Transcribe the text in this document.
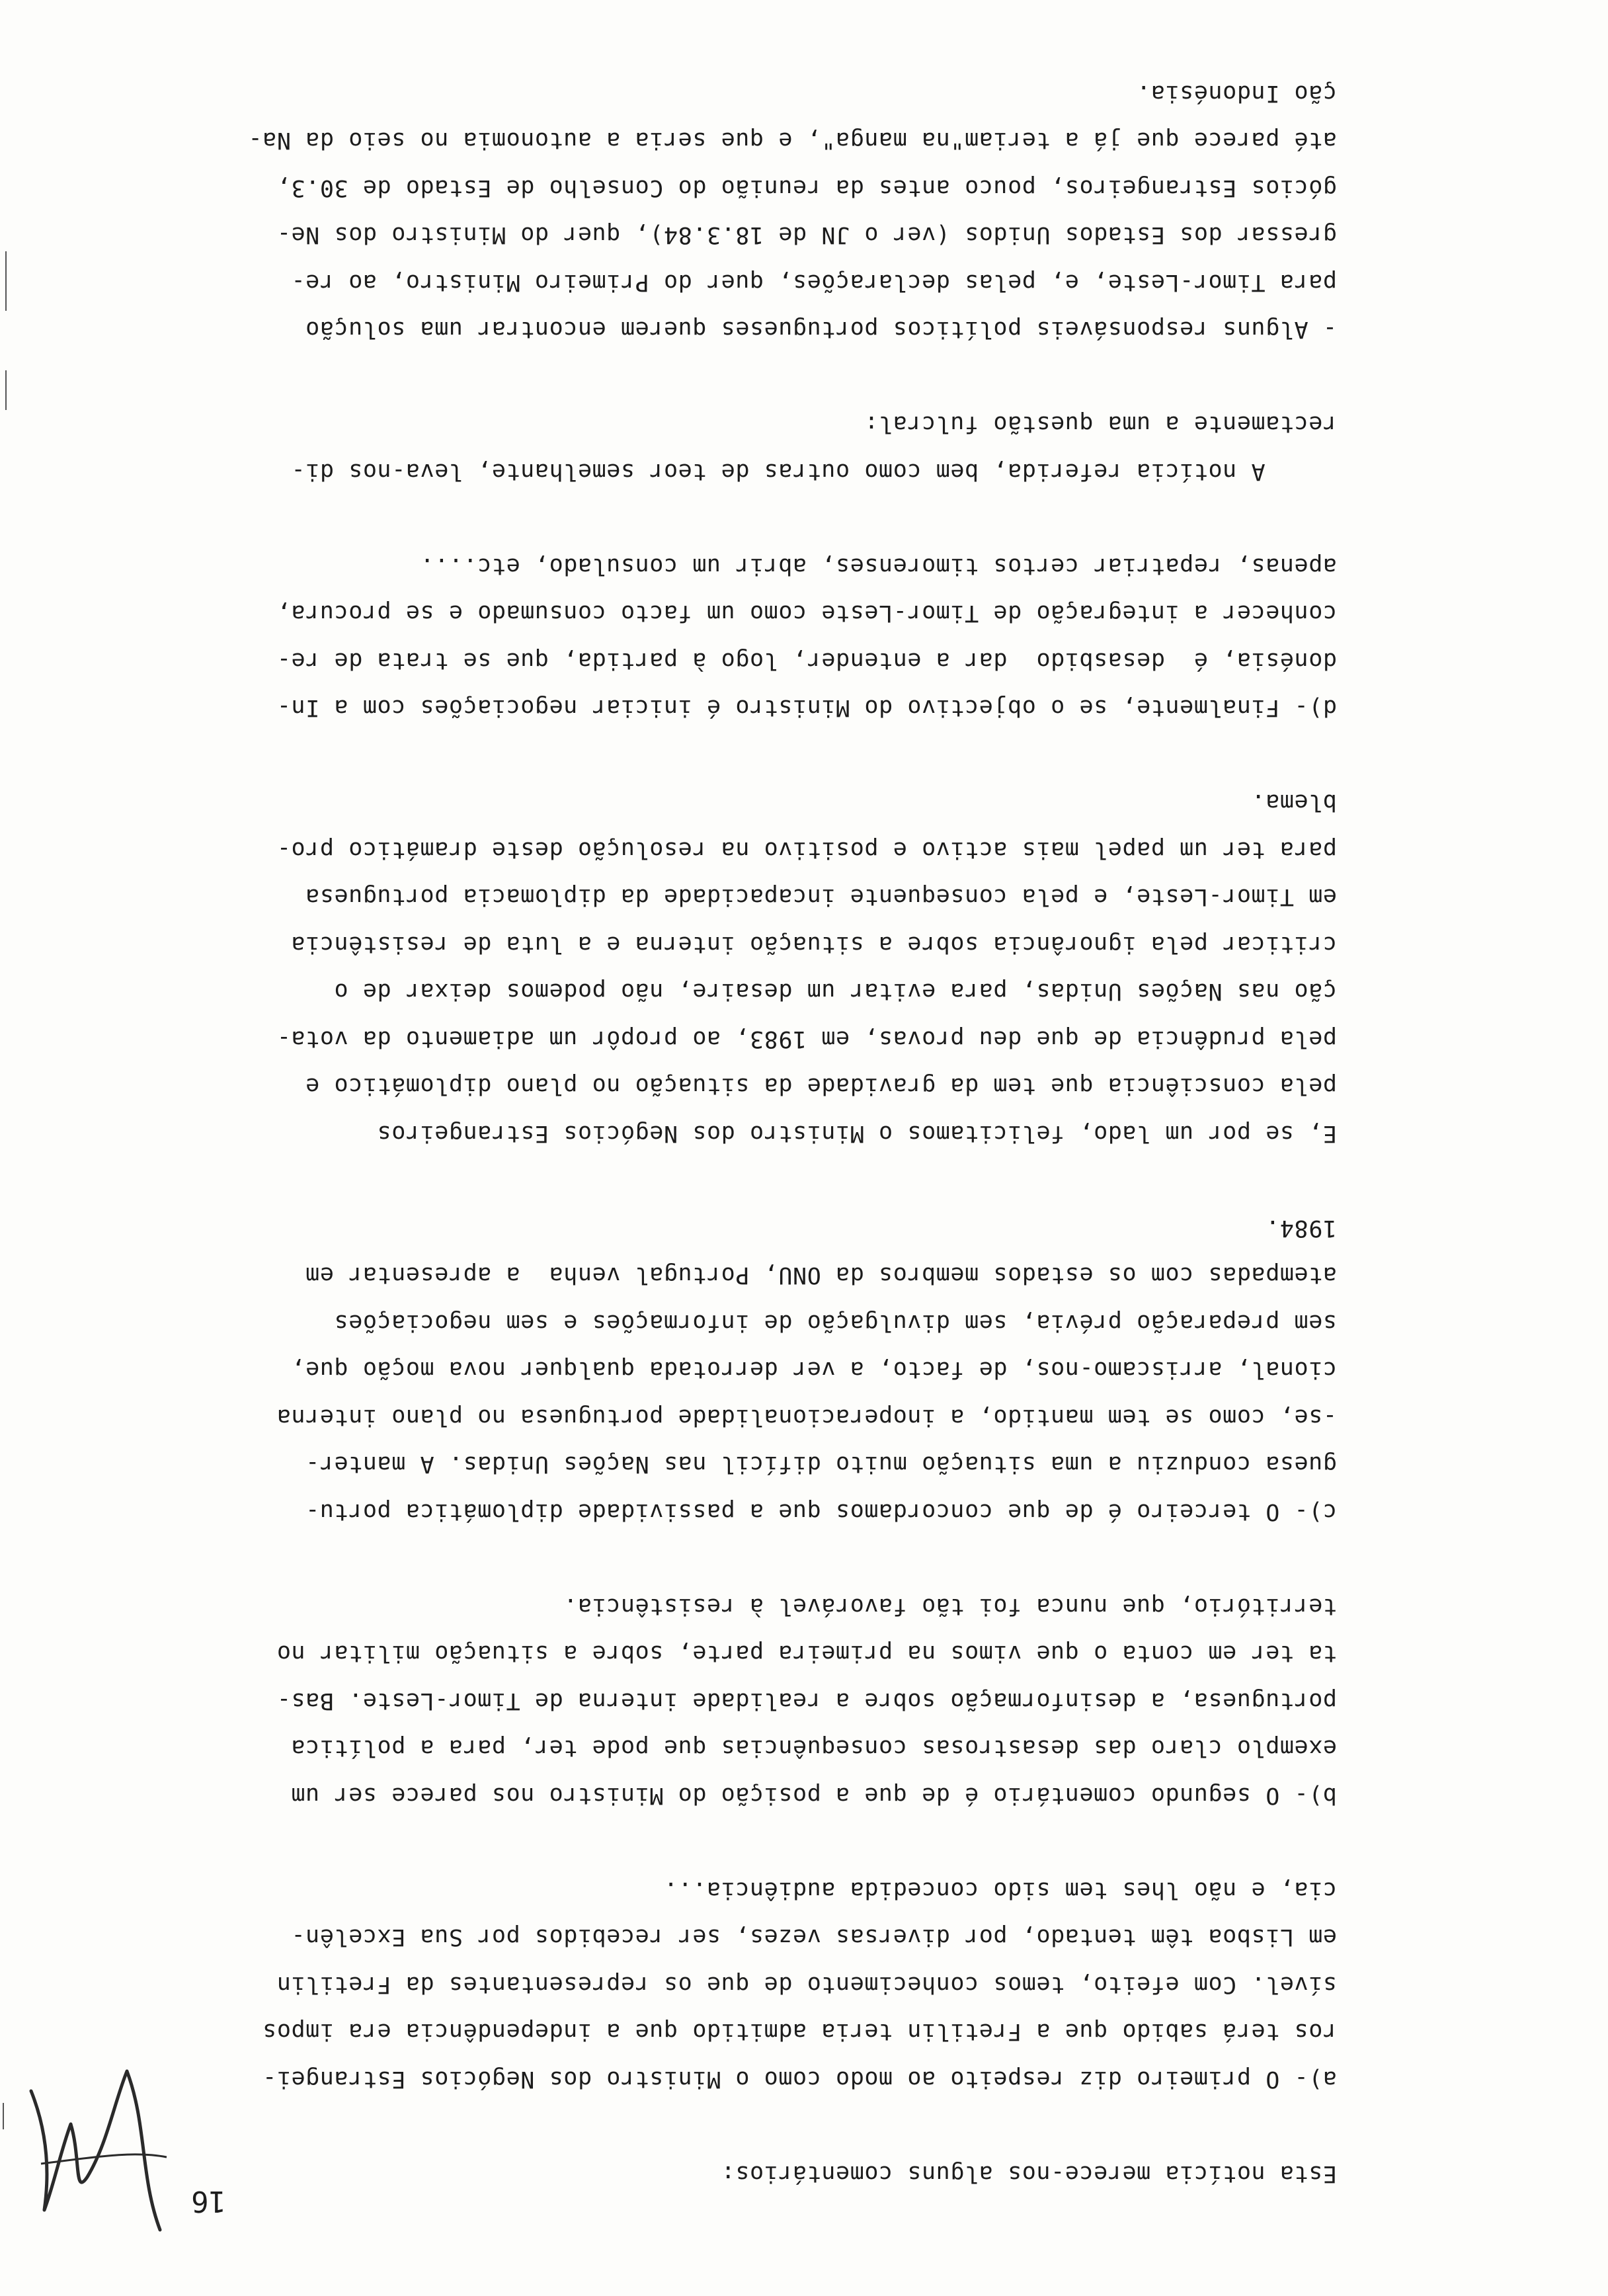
16
Esta notícia merece-nos alguns comentários:
a)- O primeiro diz respeito ao modo como o Ministro dos Negócios Estrangei-
ros terá sabido que a Fretilin teria admitido que a independência era impos
sível. Com efeito, temos conhecimento de que os representantes da Fretilin
em Lisboa têm tentado, por diversas vezes, ser recebidos por Sua Excelên-
cia, e não lhes tem sido concedida audiência...
b)- O segundo comentário é de que a posição do Ministro nos parece ser um
exemplo claro das desastrosas consequências que pode ter, para a política
portuguesa, a desinformação sobre a realidade interna de Timor-Leste. Bas-
ta ter em conta o que vimos na primeira parte, sobre a situação militar no
território, que nunca foi tão favorável à resistência.
c)- O terceiro é de que concordamos que a passividade diplomática portu-
guesa conduziu a uma situação muito difícil nas Nações Unidas. A manter-
-se, como se tem mantido, a inoperacionalidade portuguesa no plano interna
cional, arriscamo-nos, de facto, a ver derrotada qualquer nova moção que,
sem preparação prévia, sem divulgação de informações e sem negociações
atempadas com os estados membros da ONU, Portugal venha  a apresentar em
1984.
E, se por um lado, felicitamos o Ministro dos Negócios Estrangeiros
pela consciência que tem da gravidade da situação no plano diplomático e
pela prudência de que deu provas, em 1983, ao propôr um adiamento da vota-
ção nas Nações Unidas, para evitar um desaire, não podemos deixar de o
criticar pela ignorância sobre a situação interna e a luta de resistência
em Timor-Leste, e pela consequente incapacidade da diplomacia portuguesa
para ter um papel mais activo e positivo na resolução deste dramático pro-
blema.
d)- Finalmente, se o objectivo do Ministro é iniciar negociações com a In-
donésia, é  desasbido  dar a entender, logo à partida, que se trata de re-
conhecer a integração de Timor-Leste como um facto consumado e se procura,
apenas, repatriar certos timorenses, abrir um consulado, etc....
A notícia referida, bem como outras de teor semelhante, leva-nos di-
rectamente a uma questão fulcral:
- Alguns responsáveis políticos portugueses querem encontrar uma solução
para Timor-Leste, e, pelas declarações, quer do Primeiro Ministro, ao re-
gressar dos Estados Unidos (ver o JN de 18.3.84), quer do Ministro dos Ne-
gócios Estrangeiros, pouco antes da reunião do Conselho de Estado de 30.3,
até parece que já a teriam"na manga", e que seria a autonomia no seio da Na-
ção Indonésia.
